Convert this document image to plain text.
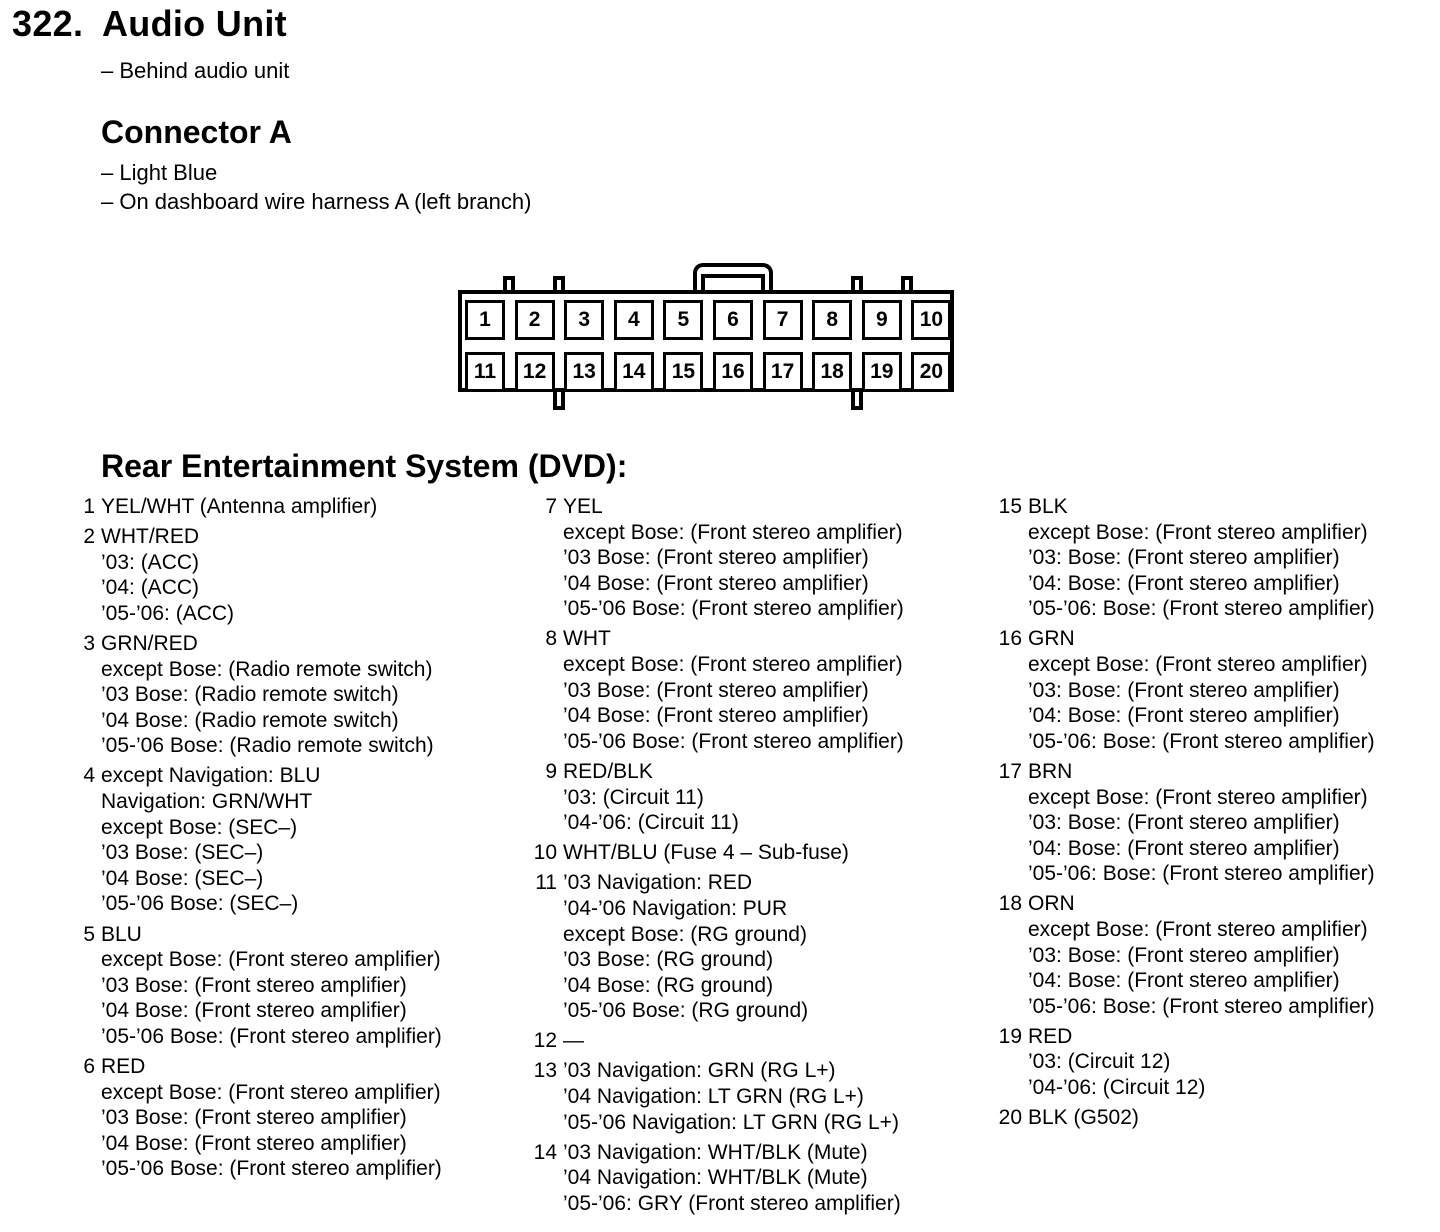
322. Audio Unit
– Behind audio unit
Connector A
– Light Blue
– On dashboard wire harness A (left branch)
1	2	3	4	5	6	7	8	9	10
11	12	13	14	15	16	17	18	19	20
Rear Entertainment System (DVD):
1 YEL/WHT (Antenna amplifier)
2 WHT/RED
’03: (ACC)
’04: (ACC)
’05-’06: (ACC)
3 GRN/RED
except Bose: (Radio remote switch)
’03 Bose: (Radio remote switch)
’04 Bose: (Radio remote switch)
’05-’06 Bose: (Radio remote switch)
4 except Navigation: BLU
Navigation: GRN/WHT
except Bose: (SEC–)
’03 Bose: (SEC–)
’04 Bose: (SEC–)
’05-’06 Bose: (SEC–)
5 BLU
except Bose: (Front stereo amplifier)
’03 Bose: (Front stereo amplifier)
’04 Bose: (Front stereo amplifier)
’05-’06 Bose: (Front stereo amplifier)
6 RED
except Bose: (Front stereo amplifier)
’03 Bose: (Front stereo amplifier)
’04 Bose: (Front stereo amplifier)
’05-’06 Bose: (Front stereo amplifier)
7 YEL
except Bose: (Front stereo amplifier)
’03 Bose: (Front stereo amplifier)
’04 Bose: (Front stereo amplifier)
’05-’06 Bose: (Front stereo amplifier)
8 WHT
except Bose: (Front stereo amplifier)
’03 Bose: (Front stereo amplifier)
’04 Bose: (Front stereo amplifier)
’05-’06 Bose: (Front stereo amplifier)
9 RED/BLK
’03: (Circuit 11)
’04-’06: (Circuit 11)
10 WHT/BLU (Fuse 4 – Sub-fuse)
11 ’03 Navigation: RED
’04-’06 Navigation: PUR
except Bose: (RG ground)
’03 Bose: (RG ground)
’04 Bose: (RG ground)
’05-’06 Bose: (RG ground)
12 —
13 ’03 Navigation: GRN (RG L+)
’04 Navigation: LT GRN (RG L+)
’05-’06 Navigation: LT GRN (RG L+)
14 ’03 Navigation: WHT/BLK (Mute)
’04 Navigation: WHT/BLK (Mute)
’05-’06: GRY (Front stereo amplifier)
15 BLK
except Bose: (Front stereo amplifier)
’03: Bose: (Front stereo amplifier)
’04: Bose: (Front stereo amplifier)
’05-’06: Bose: (Front stereo amplifier)
16 GRN
except Bose: (Front stereo amplifier)
’03: Bose: (Front stereo amplifier)
’04: Bose: (Front stereo amplifier)
’05-’06: Bose: (Front stereo amplifier)
17 BRN
except Bose: (Front stereo amplifier)
’03: Bose: (Front stereo amplifier)
’04: Bose: (Front stereo amplifier)
’05-’06: Bose: (Front stereo amplifier)
18 ORN
except Bose: (Front stereo amplifier)
’03: Bose: (Front stereo amplifier)
’04: Bose: (Front stereo amplifier)
’05-’06: Bose: (Front stereo amplifier)
19 RED
’03: (Circuit 12)
’04-’06: (Circuit 12)
20 BLK (G502)
